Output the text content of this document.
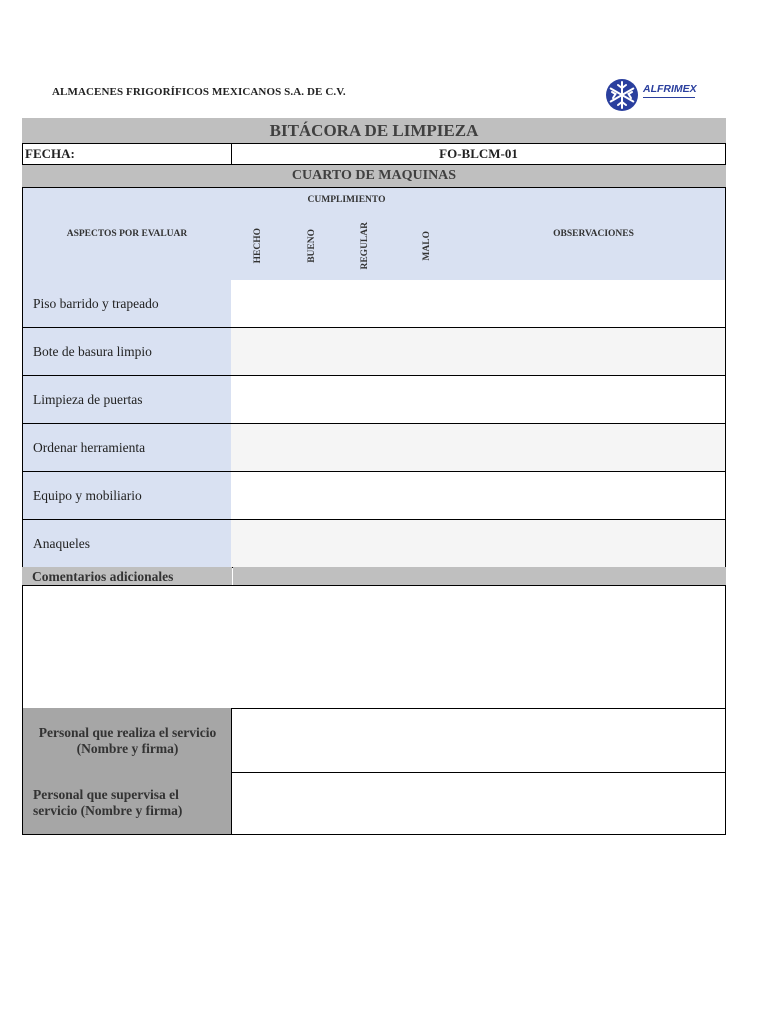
ALMACENES FRIGORÍFICOS MEXICANOS S.A. DE C.V.	ALFRIMEX
BITÁCORA DE LIMPIEZA
FECHA:	FO-BLCM-01
CUARTO DE MAQUINAS
ASPECTOS POR EVALUAR
CUMPLIMIENTO
HECHO	BUENO	REGULAR	MALO	OBSERVACIONES
Piso barrido y trapeado
Bote de basura limpio
Limpieza de puertas
Ordenar herramienta
Equipo y mobiliario
Anaqueles
Comentarios adicionales
Personal que realiza el servicio (Nombre y firma)
Personal que supervisa el servicio (Nombre y firma)
